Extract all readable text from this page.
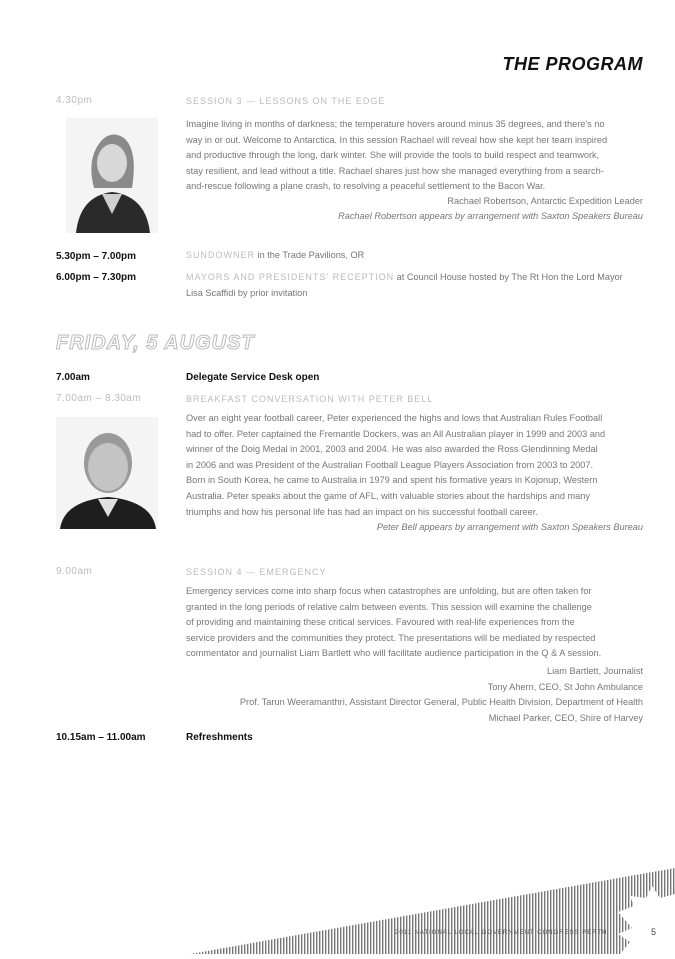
THE PROGRAM
4.30pm	SESSION 3 — LESSONS ON THE EDGE
Imagine living in months of darkness; the temperature hovers around minus 35 degrees, and there's no
way in or out. Welcome to Antarctica. In this session Rachael will reveal how she kept her team inspired
and productive through the long, dark winter. She will provide the tools to build respect and teamwork,
stay resilient, and lead without a title. Rachael shares just how she managed everything from a search-
and-rescue following a plane crash, to resolving a peaceful settlement to the Bacon War.
Rachael Robertson, Antarctic Expedition Leader
Rachael Robertson appears by arrangement with Saxton Speakers Bureau
5.30pm – 7.00pm	SUNDOWNER in the Trade Pavilions, OR
6.00pm – 7.30pm	MAYORS AND PRESIDENTS' RECEPTION at Council House hosted by The Rt Hon the Lord Mayor
Lisa Scaffidi by prior invitation
FRIDAY, 5 AUGUST
7.00am	Delegate Service Desk open
7.00am – 8.30am	BREAKFAST CONVERSATION WITH PETER BELL
Over an eight year football career, Peter experienced the highs and lows that Australian Rules Football
had to offer. Peter captained the Fremantle Dockers, was an All Australian player in 1999 and 2003 and
winner of the Doig Medal in 2001, 2003 and 2004. He was also awarded the Ross Glendinning Medal
in 2006 and was President of the Australian Football League Players Association from 2003 to 2007.
Born in South Korea, he came to Australia in 1979 and spent his formative years in Kojonup, Western
Australia. Peter speaks about the game of AFL, with valuable stories about the hardships and many
triumphs and how his personal life has had an impact on his successful football career.
Peter Bell appears by arrangement with Saxton Speakers Bureau
9.00am	SESSION 4 — EMERGENCY
Emergency services come into sharp focus when catastrophes are unfolding, but are often taken for
granted in the long periods of relative calm between events. This session will examine the challenge
of providing and maintaining these critical services. Favoured with real-life experiences from the
service providers and the communities they protect. The presentations will be mediated by respected
commentator and journalist Liam Bartlett who will facilitate audience participation in the Q & A session.
Liam Bartlett, Journalist
Tony Ahern, CEO, St John Ambulance
Prof. Tarun Weeramanthri, Assistant Director General, Public Health Division, Department of Health
Michael Parker, CEO, Shire of Harvey
10.15am – 11.00am	Refreshments
2011 NATIONAL LOCAL GOVERNMENT CONGRESS PERTH	5
